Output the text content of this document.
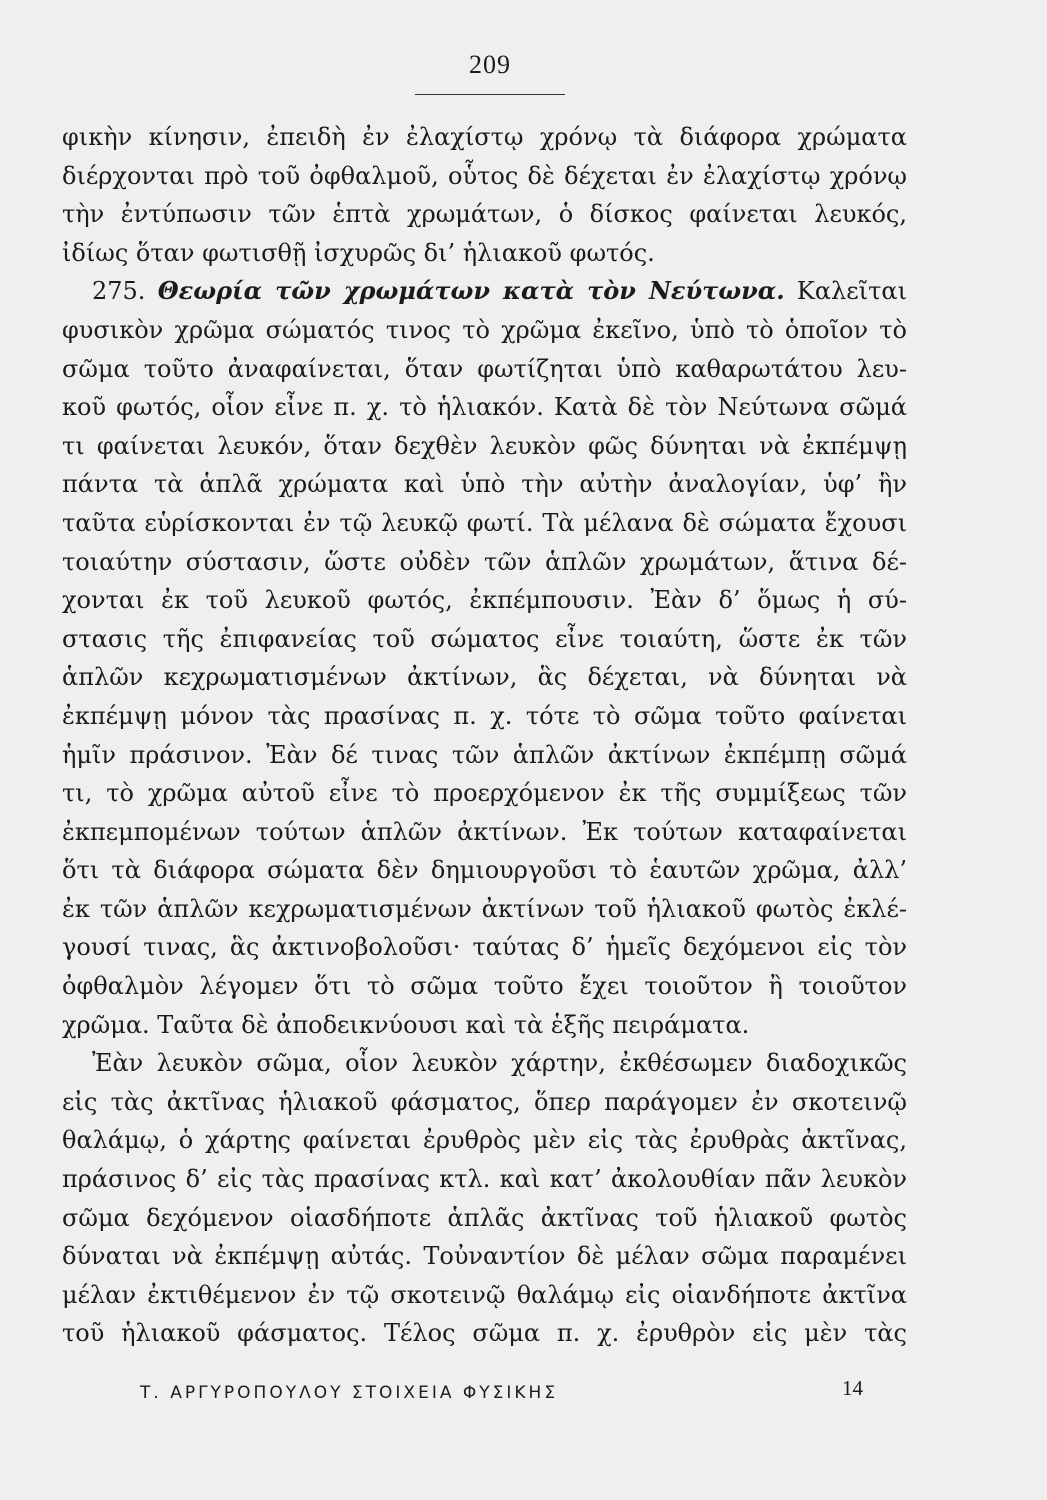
209
φικὴν κίνησιν, ἐπειδὴ ἐν ἐλαχίστῳ χρόνῳ τὰ διάφορα χρώματα
διέρχονται πρὸ τοῦ ὀφθαλμοῦ, οὗτος δὲ δέχεται ἐν ἐλαχίστῳ χρόνῳ
τὴν ἐντύπωσιν τῶν ἑπτὰ χρωμάτων, ὁ δίσκος φαίνεται λευκός,
ἰδίως ὅταν φωτισθῇ ἰσχυρῶς δι’ ἡλιακοῦ φωτός.
275. Θεωρία τῶν χρωμάτων κατὰ τὸν Νεύτωνα. Καλεῖται
φυσικὸν χρῶμα σώματός τινος τὸ χρῶμα ἐκεῖνο, ὑπὸ τὸ ὁποῖον τὸ
σῶμα τοῦτο ἀναφαίνεται, ὅταν φωτίζηται ὑπὸ καθαρωτάτου λευ-
κοῦ φωτός, οἷον εἶνε π. χ. τὸ ἡλιακόν. Κατὰ δὲ τὸν Νεύτωνα σῶμά
τι φαίνεται λευκόν, ὅταν δεχθὲν λευκὸν φῶς δύνηται νὰ ἐκπέμψῃ
πάντα τὰ ἁπλᾶ χρώματα καὶ ὑπὸ τὴν αὐτὴν ἀναλογίαν, ὑφ’ ἣν
ταῦτα εὑρίσκονται ἐν τῷ λευκῷ φωτί. Τὰ μέλανα δὲ σώματα ἔχουσι
τοιαύτην σύστασιν, ὥστε οὐδὲν τῶν ἁπλῶν χρωμάτων, ἅτινα δέ-
χονται ἐκ τοῦ λευκοῦ φωτός, ἐκπέμπουσιν. Ἐὰν δ’ ὅμως ἡ σύ-
στασις τῆς ἐπιφανείας τοῦ σώματος εἶνε τοιαύτη, ὥστε ἐκ τῶν
ἁπλῶν κεχρωματισμένων ἀκτίνων, ἃς δέχεται, νὰ δύνηται νὰ
ἐκπέμψῃ μόνον τὰς πρασίνας π. χ. τότε τὸ σῶμα τοῦτο φαίνεται
ἡμῖν πράσινον. Ἐὰν δέ τινας τῶν ἁπλῶν ἀκτίνων ἐκπέμπῃ σῶμά
τι, τὸ χρῶμα αὐτοῦ εἶνε τὸ προερχόμενον ἐκ τῆς συμμίξεως τῶν
ἐκπεμπομένων τούτων ἁπλῶν ἀκτίνων. Ἐκ τούτων καταφαίνεται
ὅτι τὰ διάφορα σώματα δὲν δημιουργοῦσι τὸ ἑαυτῶν χρῶμα, ἀλλ’
ἐκ τῶν ἁπλῶν κεχρωματισμένων ἀκτίνων τοῦ ἡλιακοῦ φωτὸς ἐκλέ-
γουσί τινας, ἃς ἀκτινοβολοῦσι· ταύτας δ’ ἡμεῖς δεχόμενοι εἰς τὸν
ὀφθαλμὸν λέγομεν ὅτι τὸ σῶμα τοῦτο ἔχει τοιοῦτον ἢ τοιοῦτον
χρῶμα. Ταῦτα δὲ ἀποδεικνύουσι καὶ τὰ ἑξῆς πειράματα.
Ἐὰν λευκὸν σῶμα, οἷον λευκὸν χάρτην, ἐκθέσωμεν διαδοχικῶς
εἰς τὰς ἀκτῖνας ἡλιακοῦ φάσματος, ὅπερ παράγομεν ἐν σκοτεινῷ
θαλάμῳ, ὁ χάρτης φαίνεται ἐρυθρὸς μὲν εἰς τὰς ἐρυθρὰς ἀκτῖνας,
πράσινος δ’ εἰς τὰς πρασίνας κτλ. καὶ κατ’ ἀκολουθίαν πᾶν λευκὸν
σῶμα δεχόμενον οἱασδήποτε ἁπλᾶς ἀκτῖνας τοῦ ἡλιακοῦ φωτὸς
δύναται νὰ ἐκπέμψῃ αὐτάς. Τοὐναντίον δὲ μέλαν σῶμα παραμένει
μέλαν ἐκτιθέμενον ἐν τῷ σκοτεινῷ θαλάμῳ εἰς οἱανδήποτε ἀκτῖνα
τοῦ ἡλιακοῦ φάσματος. Τέλος σῶμα π. χ. ἐρυθρὸν εἰς μὲν τὰς
Τ. ΑΡΓΥΡΟΠΟΥΛΟΥ ΣΤΟΙΧΕΙΑ ΦΥΣΙΚΗΣ	14
